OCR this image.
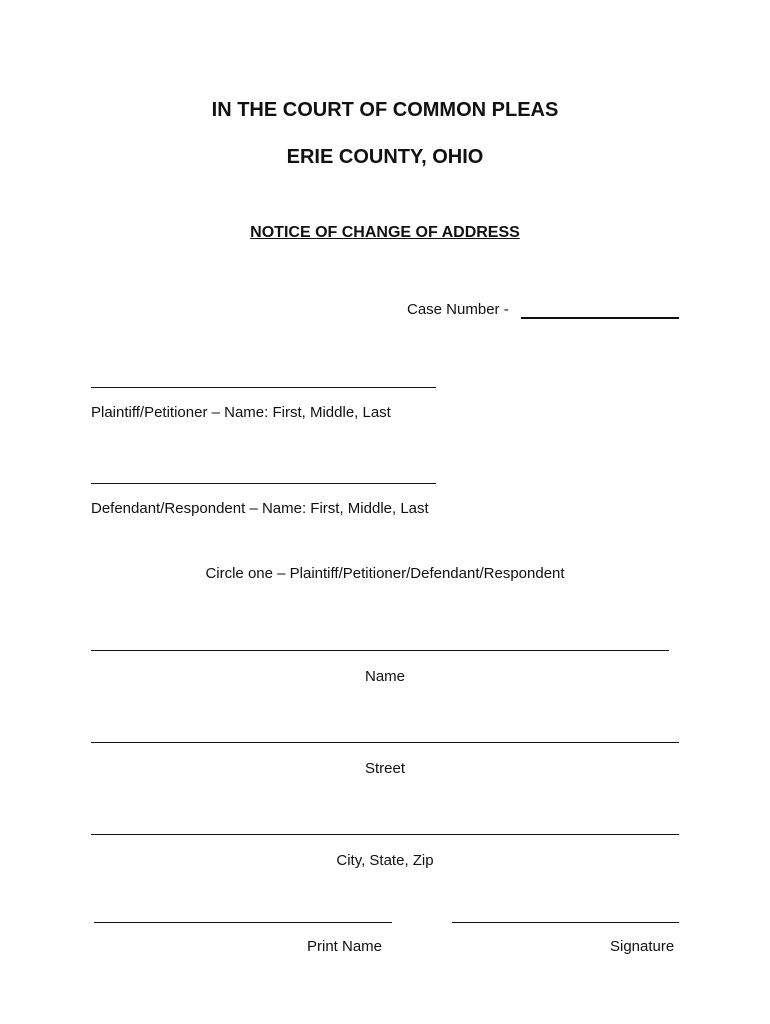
IN THE COURT OF COMMON PLEAS
ERIE COUNTY, OHIO
NOTICE OF CHANGE OF ADDRESS
Case Number -
Plaintiff/Petitioner – Name: First, Middle, Last
Defendant/Respondent – Name: First, Middle, Last
Circle one – Plaintiff/Petitioner/Defendant/Respondent
Name
Street
City, State, Zip
Print Name	Signature
